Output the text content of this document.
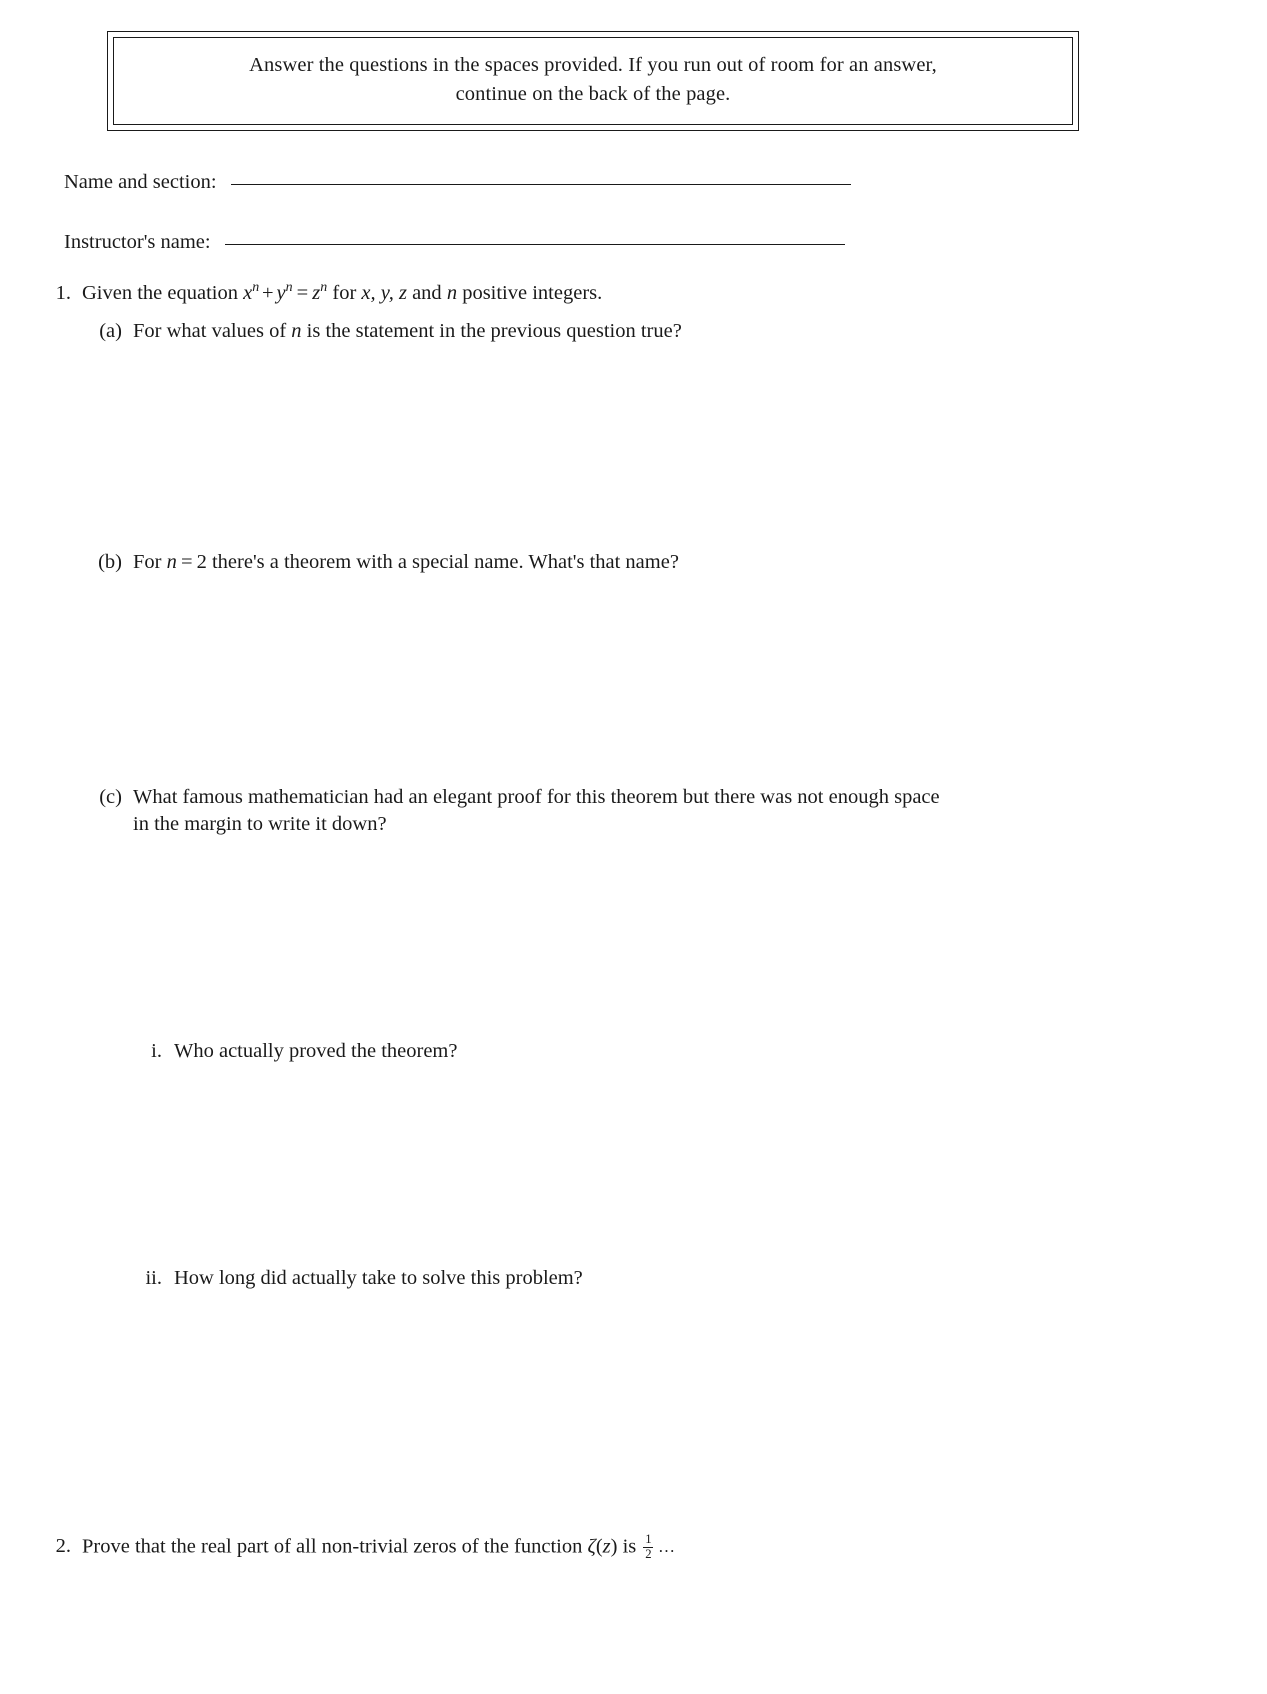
Answer the questions in the spaces provided. If you run out of room for an answer,
continue on the back of the page.
Name and section:
Instructor's name:
1. Given the equation $x^n + y^n = z^n$ for x, y, z and n positive integers.
(a) For what values of n is the statement in the previous question true?
(b) For n = 2 there's a theorem with a special name. What's that name?
(c) What famous mathematician had an elegant proof for this theorem but there was not enough space
in the margin to write it down?
i. Who actually proved the theorem?
ii. How long did actually take to solve this problem?
2. Prove that the real part of all non-trivial zeros of the function ζ(z) is $\frac{1}{2}$ ...
